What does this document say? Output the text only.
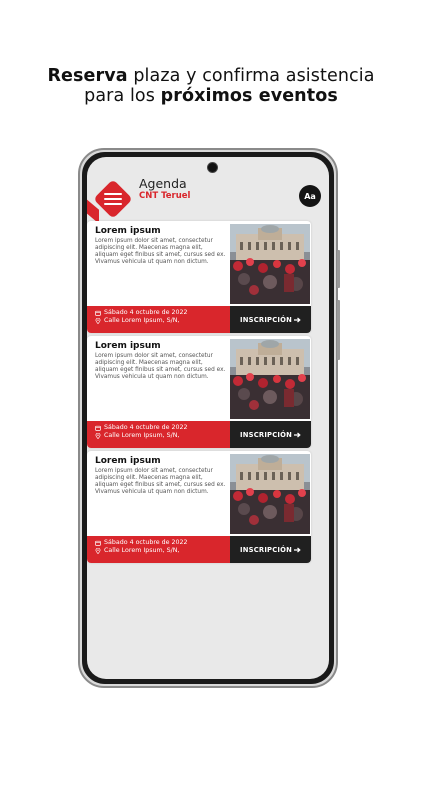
Reserva plaza y confirma asistencia
para los próximos eventos
Agenda
CNT Teruel	Aa
Lorem ipsum
Lorem ipsum dolor sit amet, consectetur adipiscing elit. Maecenas magna elit, aliquam eget finibus sit amet, cursus sed ex. Vivamus vehicula ut quam non dictum.
Sábado 4 octubre de 2022
Calle Lorem Ipsum, S/N,	INSCRIPCIÓN
Lorem ipsum
Lorem ipsum dolor sit amet, consectetur adipiscing elit. Maecenas magna elit, aliquam eget finibus sit amet, cursus sed ex. Vivamus vehicula ut quam non dictum.
Sábado 4 octubre de 2022
Calle Lorem Ipsum, S/N,	INSCRIPCIÓN
Lorem ipsum
Lorem ipsum dolor sit amet, consectetur adipiscing elit. Maecenas magna elit, aliquam eget finibus sit amet, cursus sed ex. Vivamus vehicula ut quam non dictum.
Sábado 4 octubre de 2022
Calle Lorem Ipsum, S/N,	INSCRIPCIÓN
